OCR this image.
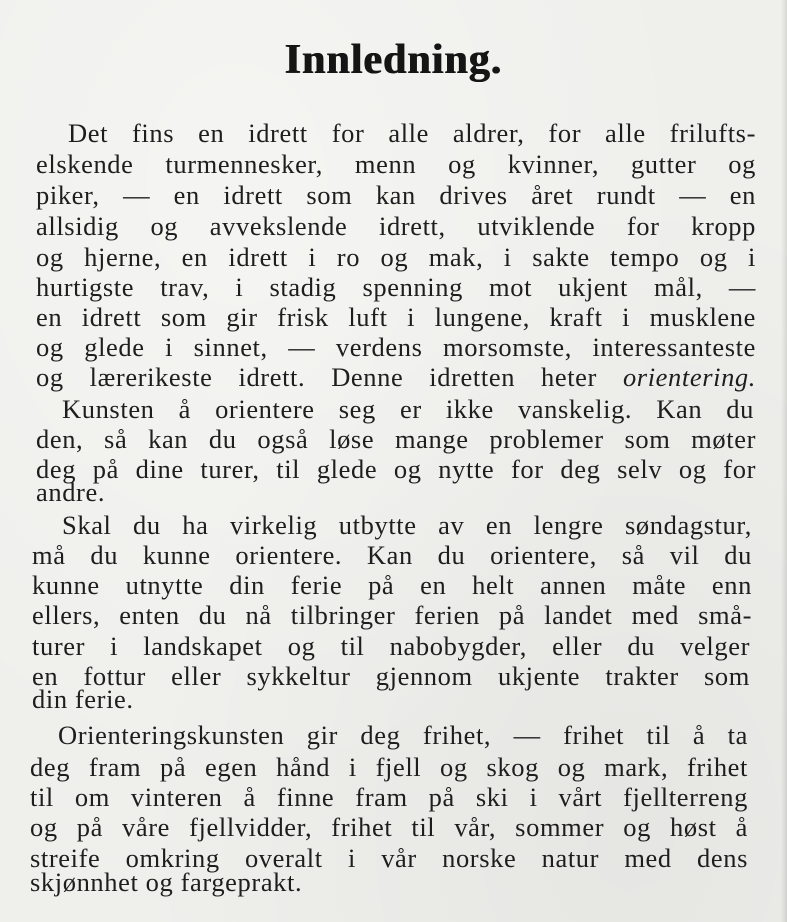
Innledning.
Det fins en idrett for alle aldrer, for alle frilufts-
elskende turmennesker, menn og kvinner, gutter og
piker, — en idrett som kan drives året rundt — en
allsidig og avvekslende idrett, utviklende for kropp
og hjerne, en idrett i ro og mak, i sakte tempo og i
hurtigste trav, i stadig spenning mot ukjent mål, —
en idrett som gir frisk luft i lungene, kraft i musklene
og glede i sinnet, — verdens morsomste, interessanteste
og lærerikeste idrett. Denne idretten heter orientering.
Kunsten å orientere seg er ikke vanskelig. Kan du
den, så kan du også løse mange problemer som møter
deg på dine turer, til glede og nytte for deg selv og for
andre.
Skal du ha virkelig utbytte av en lengre søndagstur,
må du kunne orientere. Kan du orientere, så vil du
kunne utnytte din ferie på en helt annen måte enn
ellers, enten du nå tilbringer ferien på landet med små-
turer i landskapet og til nabobygder, eller du velger
en fottur eller sykkeltur gjennom ukjente trakter som
din ferie.
Orienteringskunsten gir deg frihet, — frihet til å ta
deg fram på egen hånd i fjell og skog og mark, frihet
til om vinteren å finne fram på ski i vårt fjellterreng
og på våre fjellvidder, frihet til vår, sommer og høst å
streife omkring overalt i vår norske natur med dens
skjønnhet og fargeprakt.
